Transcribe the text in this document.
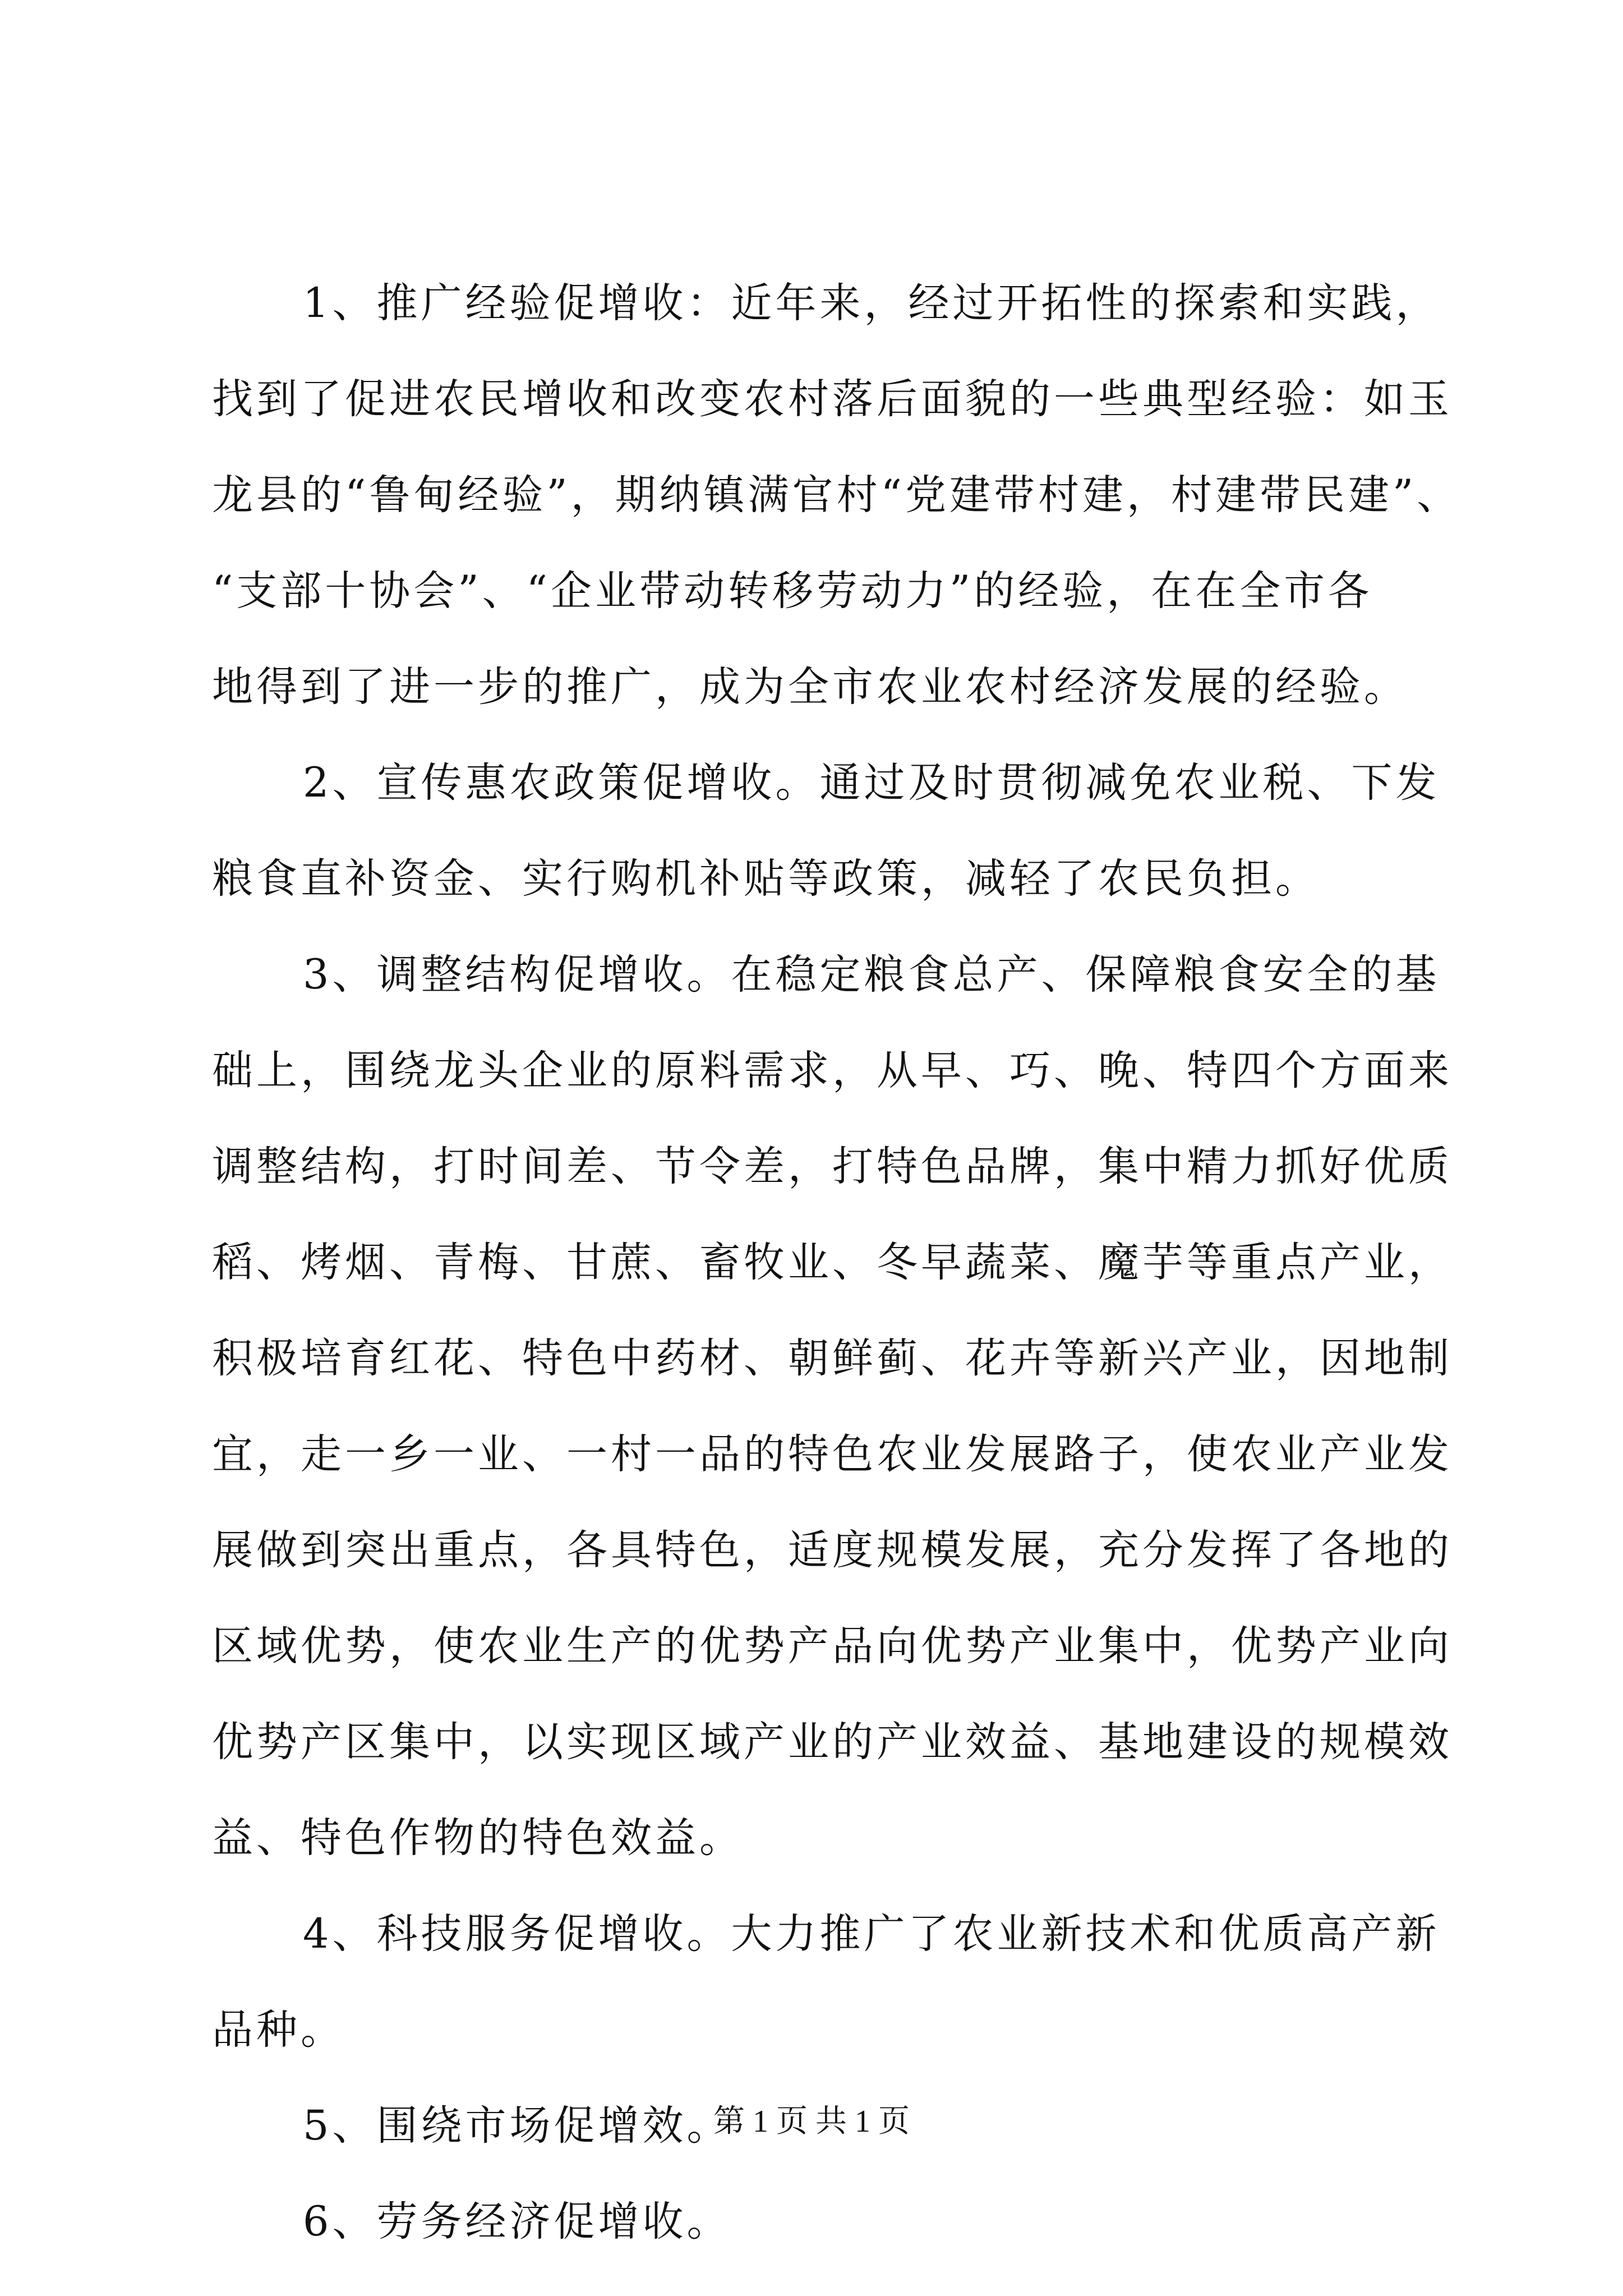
1、推广经验促增收：近年来，经过开拓性的探索和实践，
找到了促进农民增收和改变农村落后面貌的一些典型经验：如玉
龙县的“鲁甸经验”，期纳镇满官村“党建带村建，村建带民建”、
“支部十协会”、“企业带动转移劳动力”的经验，在在全市各
地得到了进一步的推广，成为全市农业农村经济发展的经验。
2、宣传惠农政策促增收。通过及时贯彻减免农业税、下发
粮食直补资金、实行购机补贴等政策，减轻了农民负担。
3、调整结构促增收。在稳定粮食总产、保障粮食安全的基
础上，围绕龙头企业的原料需求，从早、巧、晚、特四个方面来
调整结构，打时间差、节令差，打特色品牌，集中精力抓好优质
稻、烤烟、青梅、甘蔗、畜牧业、冬早蔬菜、魔芋等重点产业，
积极培育红花、特色中药材、朝鲜蓟、花卉等新兴产业，因地制
宜，走一乡一业、一村一品的特色农业发展路子，使农业产业发
展做到突出重点，各具特色，适度规模发展，充分发挥了各地的
区域优势，使农业生产的优势产品向优势产业集中，优势产业向
优势产区集中，以实现区域产业的产业效益、基地建设的规模效
益、特色作物的特色效益。
4、科技服务促增收。大力推广了农业新技术和优质高产新
品种。
5、围绕市场促增效。
6、劳务经济促增收。
第 1 页 共 1 页
